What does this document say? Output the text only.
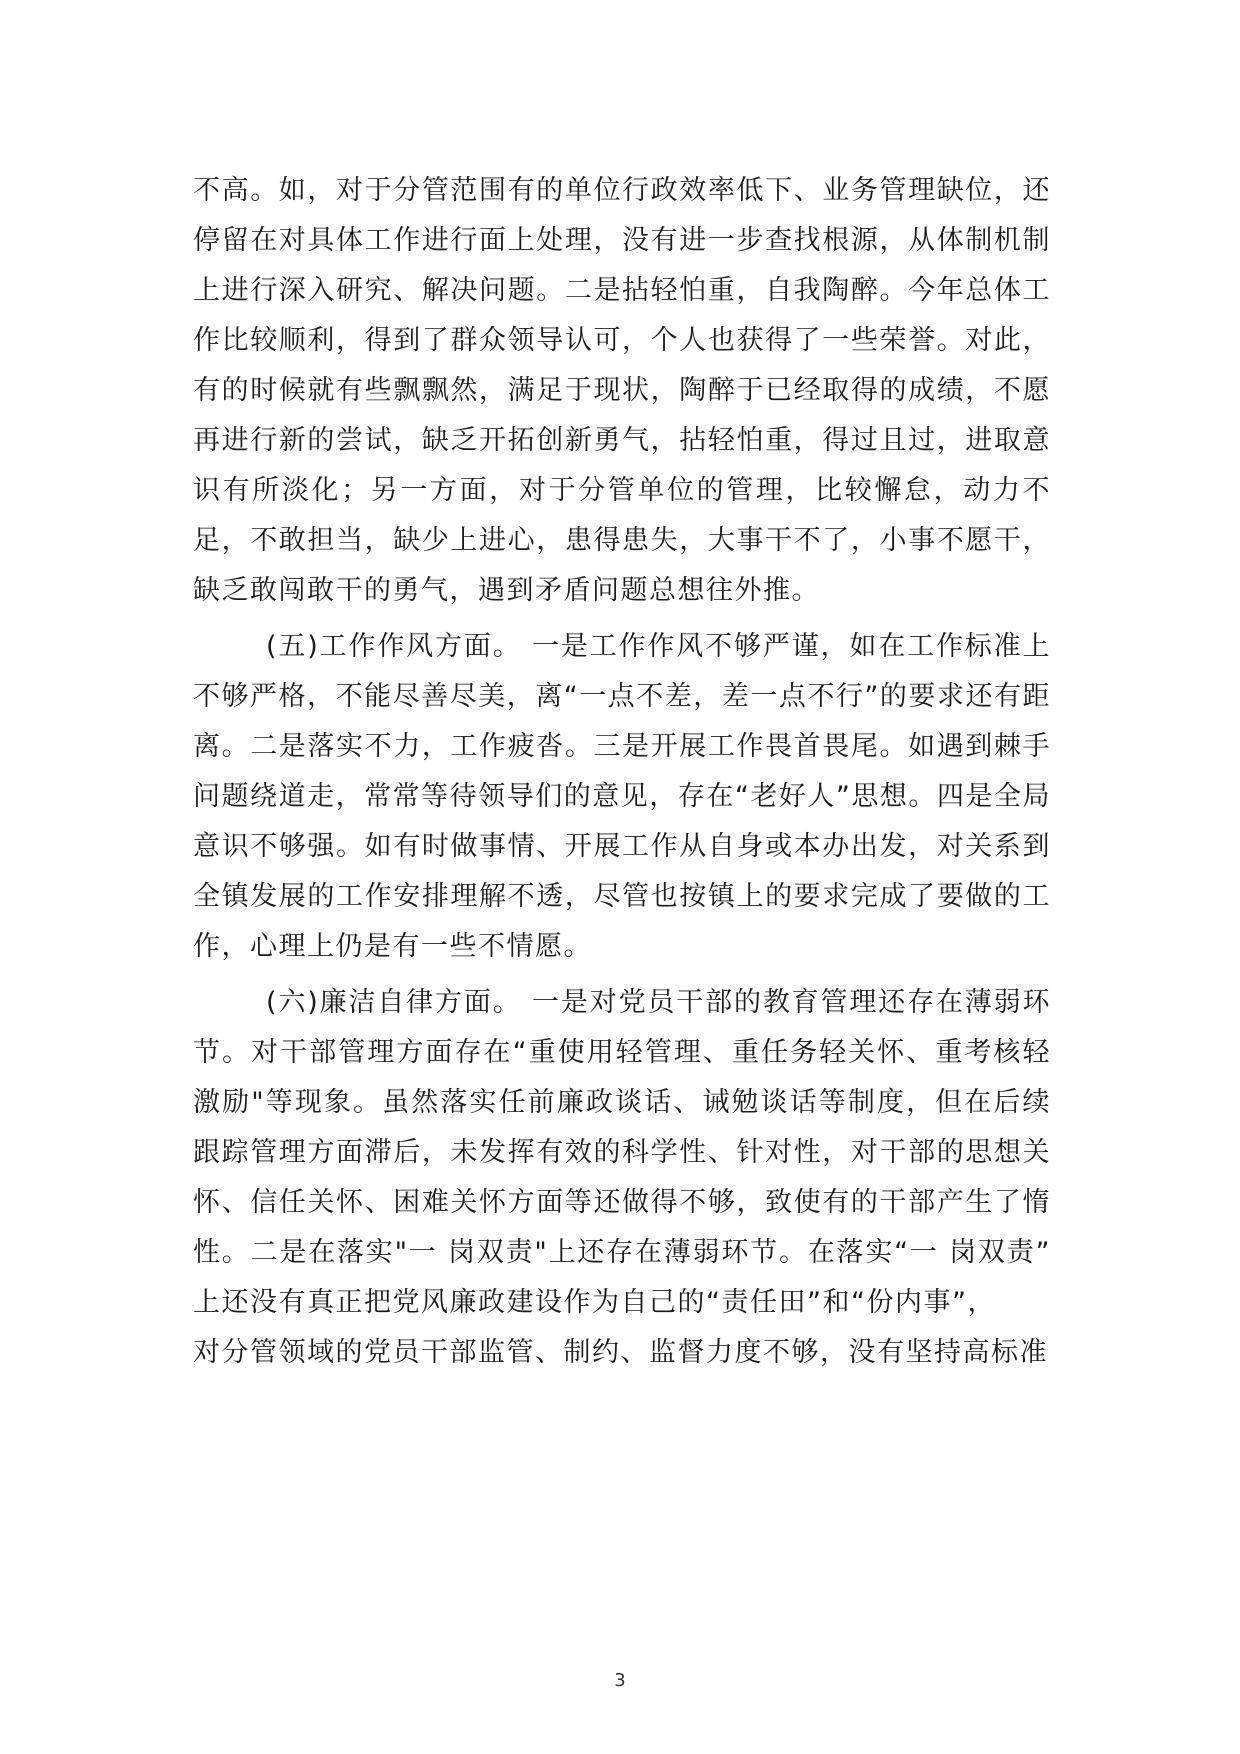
不高。如，对于分管范围有的单位行政效率低下、业务管理缺位，还停留在对具体工作进行面上处理，没有进一步查找根源，从体制机制上进行深入研究、解决问题。二是拈轻怕重，自我陶醉。今年总体工作比较顺利，得到了群众领导认可，个人也获得了一些荣誉。对此，有的时候就有些飘飘然，满足于现状，陶醉于已经取得的成绩，不愿再进行新的尝试，缺乏开拓创新勇气，拈轻怕重，得过且过，进取意识有所淡化；另一方面，对于分管单位的管理，比较懈怠，动力不足，不敢担当，缺少上进心，患得患失，大事干不了，小事不愿干，缺乏敢闯敢干的勇气，遇到矛盾问题总想往外推。

(五)工作作风方面。 一是工作作风不够严谨，如在工作标准上不够严格，不能尽善尽美，离“一点不差，差一点不行”的要求还有距离。二是落实不力，工作疲沓。三是开展工作畏首畏尾。如遇到棘手问题绕道走，常常等待领导们的意见，存在“老好人”思想。四是全局意识不够强。如有时做事情、开展工作从自身或本办出发，对关系到全镇发展的工作安排理解不透，尽管也按镇上的要求完成了要做的工作，心理上仍是有一些不情愿。

(六)廉洁自律方面。 一是对党员干部的教育管理还存在薄弱环节。对干部管理方面存在“重使用轻管理、重任务轻关怀、重考核轻激励"等现象。虽然落实任前廉政谈话、诫勉谈话等制度，但在后续跟踪管理方面滞后，未发挥有效的科学性、针对性，对干部的思想关怀、信任关怀、困难关怀方面等还做得不够，致使有的干部产生了惰性。二是在落实"一 岗双责"上还存在薄弱环节。在落实“一 岗双责” 上还没有真正把党风廉政建设作为自己的“责任田”和“份内事”，

对分管领域的党员干部监管、制约、监督力度不够，没有坚持高标准

3
